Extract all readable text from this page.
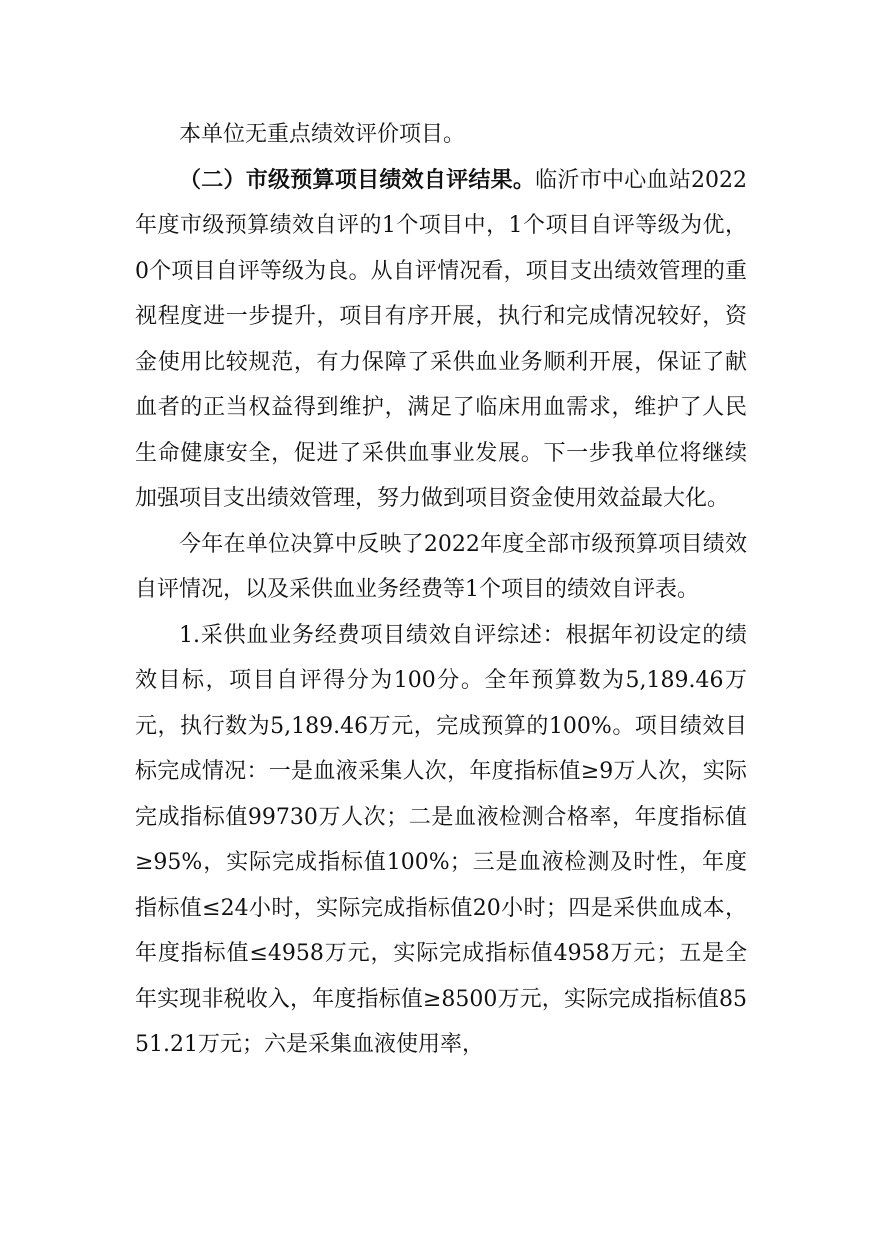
本单位无重点绩效评价项目。

（二）市级预算项目绩效自评结果。临沂市中心血站2022年度市级预算绩效自评的1个项目中，1个项目自评等级为优，0个项目自评等级为良。从自评情况看，项目支出绩效管理的重视程度进一步提升，项目有序开展，执行和完成情况较好，资金使用比较规范，有力保障了采供血业务顺利开展，保证了献血者的正当权益得到维护，满足了临床用血需求，维护了人民生命健康安全，促进了采供血事业发展。下一步我单位将继续加强项目支出绩效管理，努力做到项目资金使用效益最大化。

今年在单位决算中反映了2022年度全部市级预算项目绩效自评情况，以及采供血业务经费等1个项目的绩效自评表。

1.采供血业务经费项目绩效自评综述：根据年初设定的绩效目标，项目自评得分为100分。全年预算数为5,189.46万元，执行数为5,189.46万元，完成预算的100%。项目绩效目标完成情况：一是血液采集人次，年度指标值≥9万人次，实际完成指标值99730万人次；二是血液检测合格率，年度指标值≥95%，实际完成指标值100%；三是血液检测及时性，年度指标值≤24小时，实际完成指标值20小时；四是采供血成本，年度指标值≤4958万元，实际完成指标值4958万元；五是全年实现非税收入，年度指标值≥8500万元，实际完成指标值8551.21万元；六是采集血液使用率，
